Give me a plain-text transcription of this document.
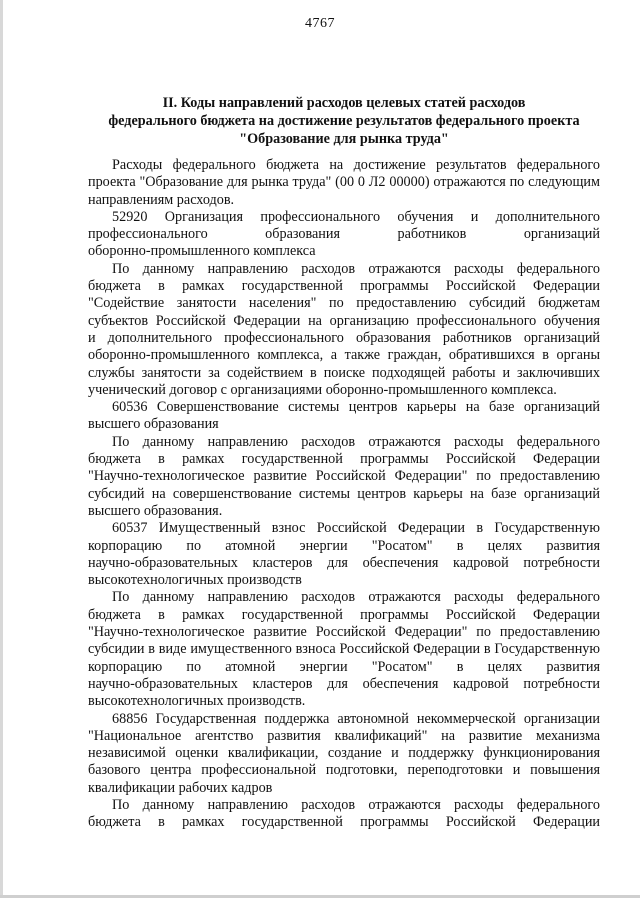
4767
II. Коды направлений расходов целевых статей расходов
федерального бюджета на достижение результатов федерального проекта
"Образование для рынка труда"
Расходы федерального бюджета на достижение результатов федерального
проекта "Образование для рынка труда" (00 0 Л2 00000) отражаются по следующим
направлениям расходов.
52920 Организация профессионального обучения и дополнительного
профессионального образования работников организаций
оборонно-промышленного комплекса
По данному направлению расходов отражаются расходы федерального
бюджета в рамках государственной программы Российской Федерации
"Содействие занятости населения" по предоставлению субсидий бюджетам
субъектов Российской Федерации на организацию профессионального обучения
и дополнительного профессионального образования работников организаций
оборонно-промышленного комплекса, а также граждан, обратившихся в органы
службы занятости за содействием в поиске подходящей работы и заключивших
ученический договор с организациями оборонно-промышленного комплекса.
60536 Совершенствование системы центров карьеры на базе организаций
высшего образования
По данному направлению расходов отражаются расходы федерального
бюджета в рамках государственной программы Российской Федерации
"Научно-технологическое развитие Российской Федерации" по предоставлению
субсидий на совершенствование системы центров карьеры на базе организаций
высшего образования.
60537 Имущественный взнос Российской Федерации в Государственную
корпорацию по атомной энергии "Росатом" в целях развития
научно-образовательных кластеров для обеспечения кадровой потребности
высокотехнологичных производств
По данному направлению расходов отражаются расходы федерального
бюджета в рамках государственной программы Российской Федерации
"Научно-технологическое развитие Российской Федерации" по предоставлению
субсидии в виде имущественного взноса Российской Федерации в Государственную
корпорацию по атомной энергии "Росатом" в целях развития
научно-образовательных кластеров для обеспечения кадровой потребности
высокотехнологичных производств.
68856 Государственная поддержка автономной некоммерческой организации
"Национальное агентство развития квалификаций" на развитие механизма
независимой оценки квалификации, создание и поддержку функционирования
базового центра профессиональной подготовки, переподготовки и повышения
квалификации рабочих кадров
По данному направлению расходов отражаются расходы федерального
бюджета в рамках государственной программы Российской Федерации
